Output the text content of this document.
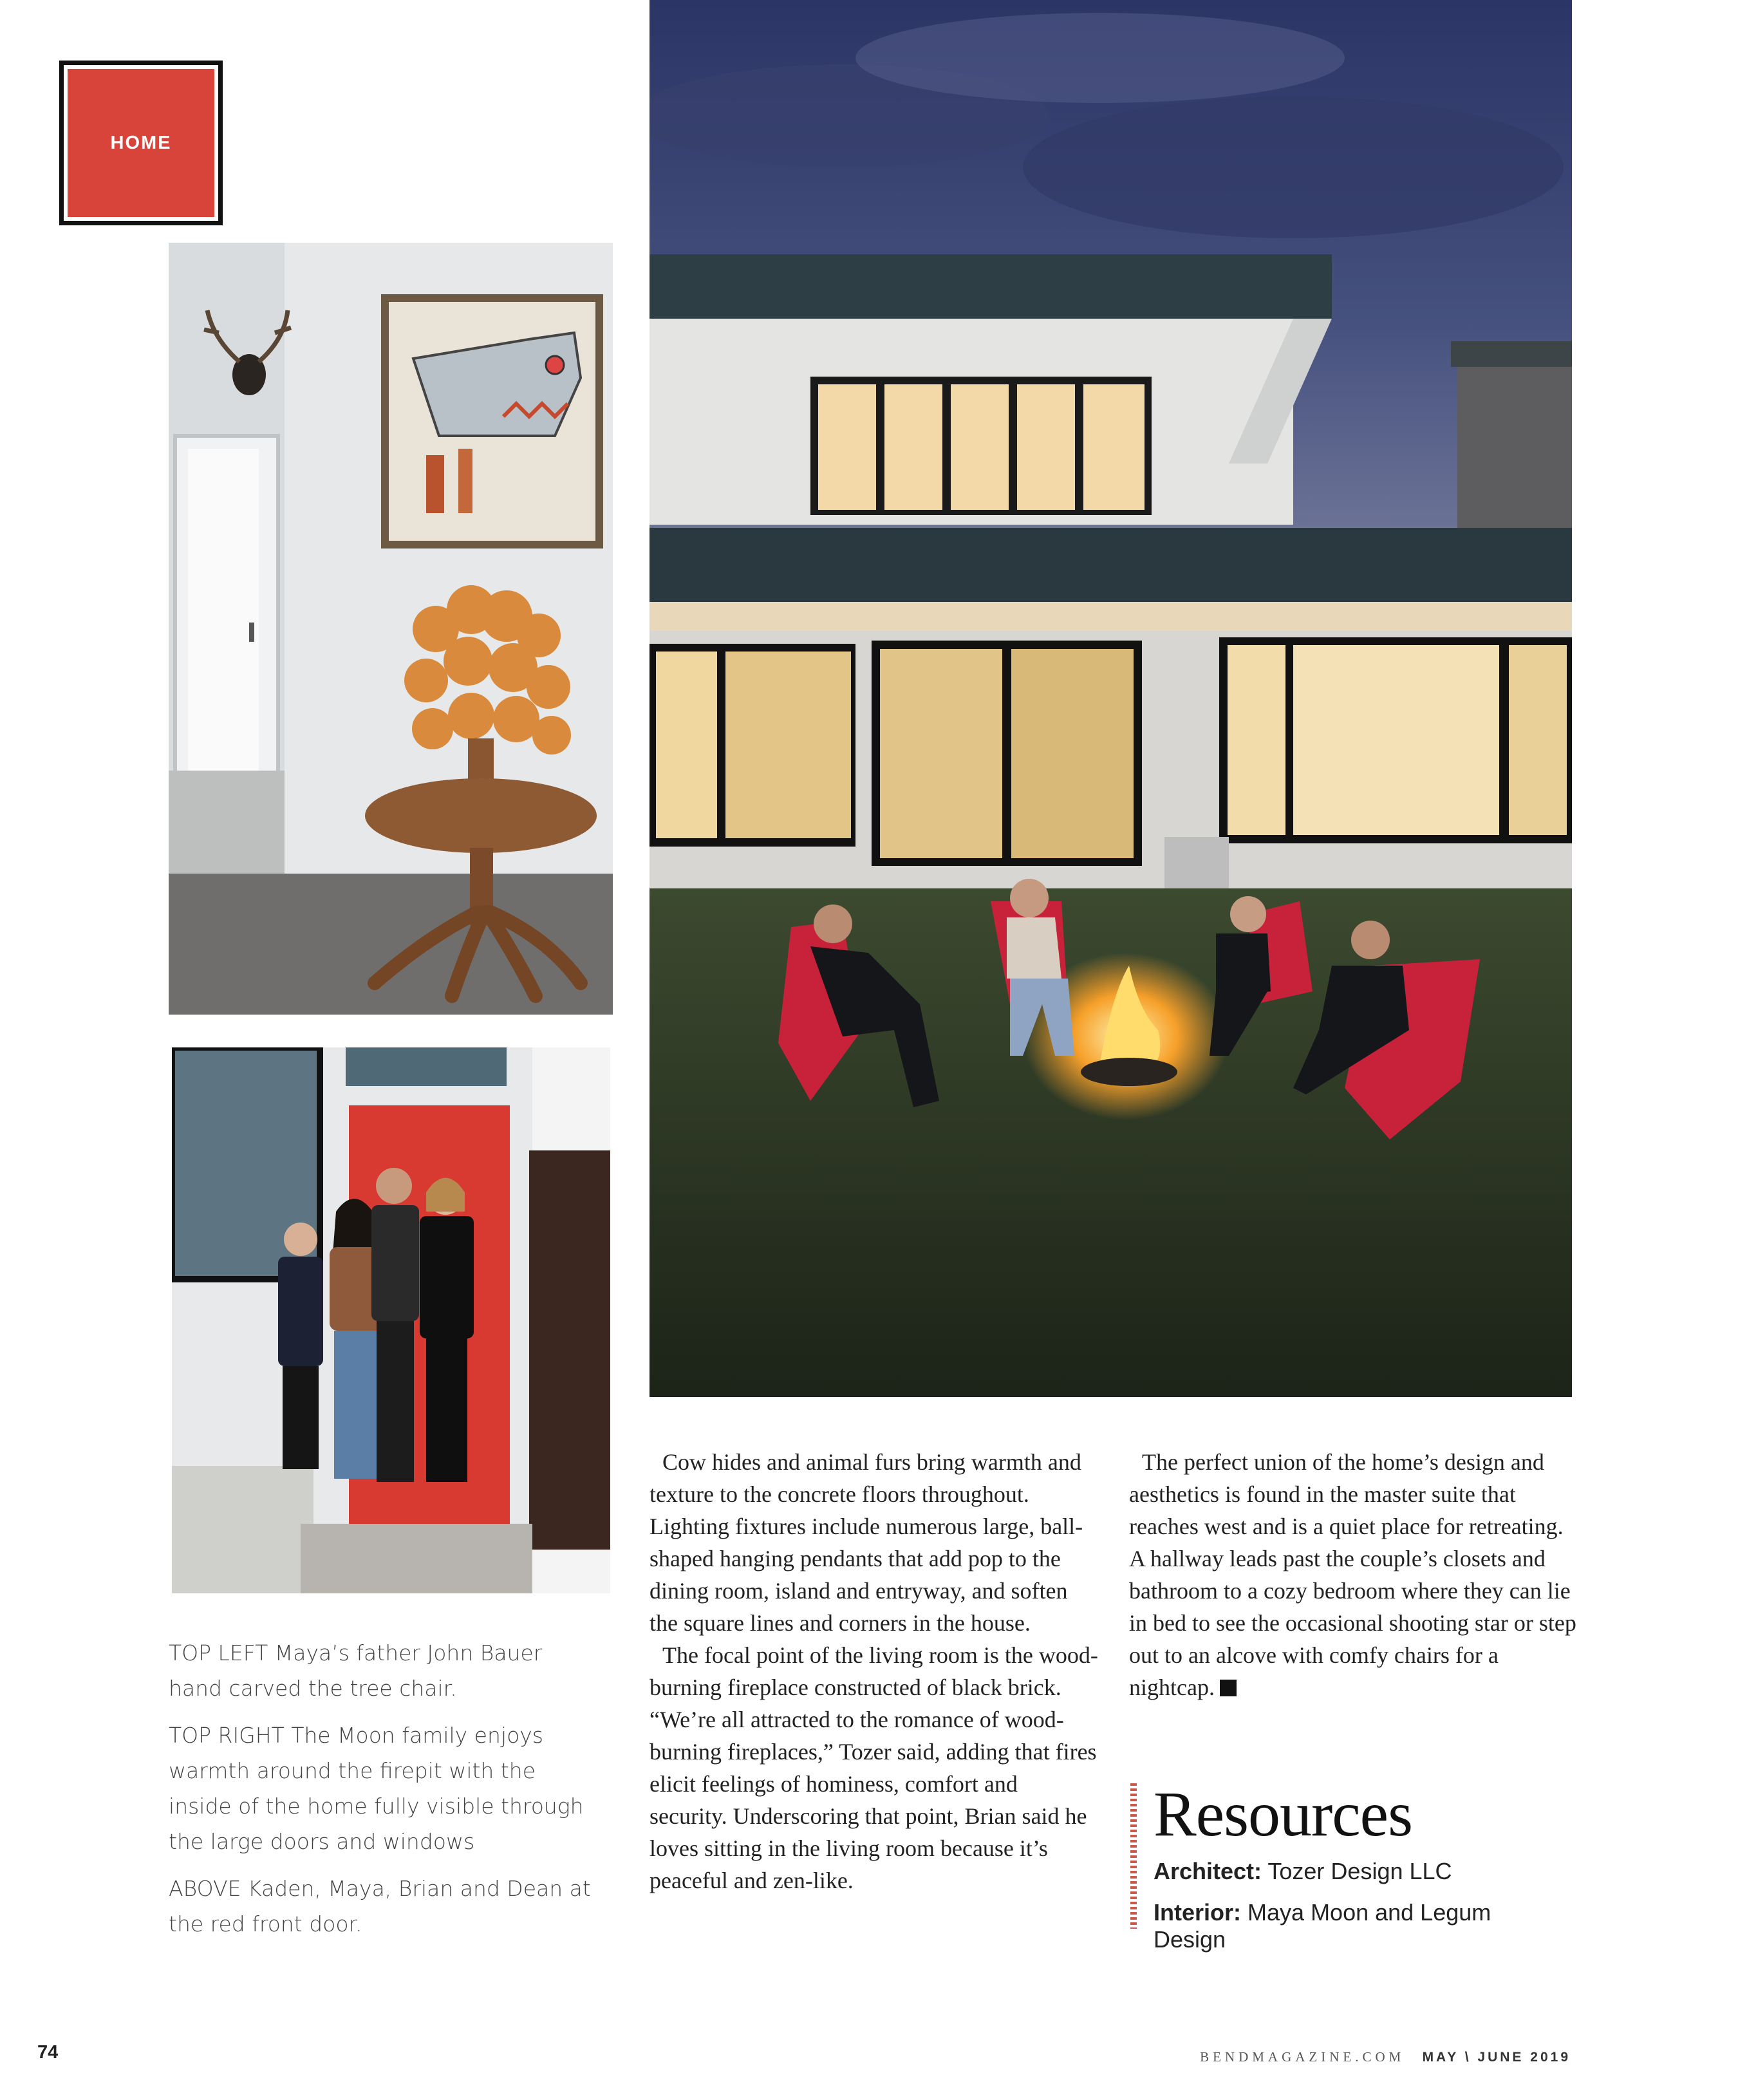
HOME

TOP LEFT Maya’s father John Bauer hand carved the tree chair.

TOP RIGHT The Moon family enjoys warmth around the firepit with the inside of the home fully visible through the large doors and windows

ABOVE Kaden, Maya, Brian and Dean at the red front door.

Cow hides and animal furs bring warmth and texture to the concrete floors throughout. Lighting fixtures include numerous large, ball-shaped hanging pendants that add pop to the dining room, island and entryway, and soften the square lines and corners in the house.

The focal point of the living room is the wood-burning fireplace constructed of black brick. “We’re all attracted to the romance of wood-burning fireplaces,” Tozer said, adding that fires elicit feelings of hominess, comfort and security. Underscoring that point, Brian said he loves sitting in the living room because it’s peaceful and zen-like.

The perfect union of the home’s design and aesthetics is found in the master suite that reaches west and is a quiet place for retreating. A hallway leads past the couple’s closets and bathroom to a cozy bedroom where they can lie in bed to see the occasional shooting star or step out to an alcove with comfy chairs for a nightcap.

Resources
Architect: Tozer Design LLC
Interior: Maya Moon and Legum Design
74	BENDMAGAZINE.COM MAY \ JUNE 2019
